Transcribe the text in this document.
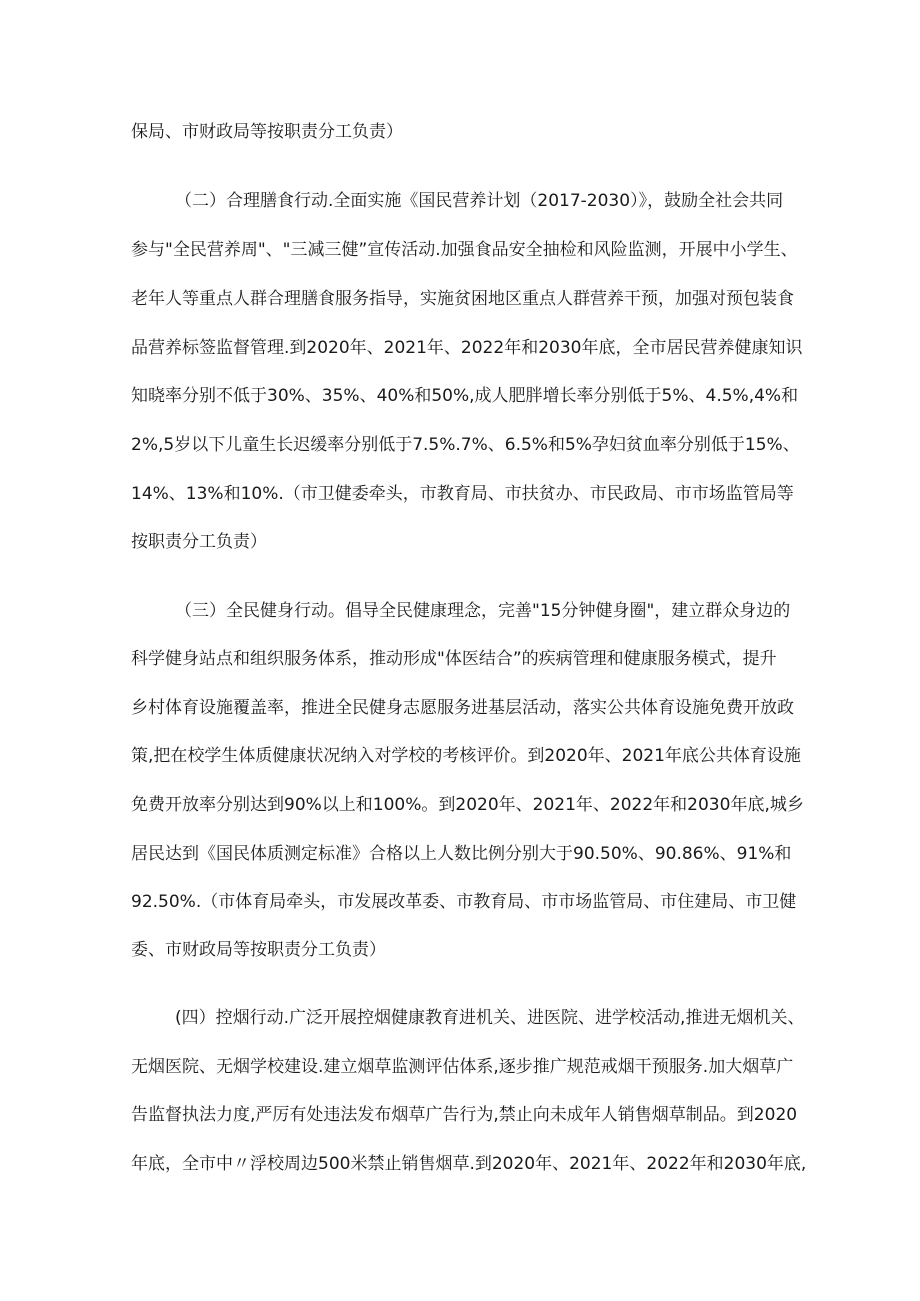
保局、市财政局等按职责分工负责）
（二）合理膳食行动.全面实施《国民营养计划（2017-2030）》，鼓励全社会共同
参与"全民营养周"、"三减三健”宣传活动.加强食品安全抽检和风险监测，开展中小学生、
老年人等重点人群合理膳食服务指导，实施贫困地区重点人群营养干预，加强对预包装食
品营养标签监督管理.到2020年、2021年、2022年和2030年底，全市居民营养健康知识
知晓率分别不低于30%、35%、40%和50%,成人肥胖增长率分别低于5%、4.5%,4%和
2%,5岁以下儿童生长迟缓率分别低于7.5%.7%、6.5%和5%孕妇贫血率分别低于15%、
14%、13%和10%.（市卫健委牵头，市教育局、市扶贫办、市民政局、市市场监管局等
按职责分工负责）
（三）全民健身行动。倡导全民健康理念，完善"15分钟健身圈"，建立群众身边的
科学健身站点和组织服务体系，推动形成"体医结合”的疾病管理和健康服务模式，提升
乡村体育设施覆盖率，推进全民健身志愿服务进基层活动，落实公共体育设施免费开放政
策,把在校学生体质健康状况纳入对学校的考核评价。到2020年、2021年底公共体育设施
免费开放率分别达到90%以上和100%。到2020年、2021年、2022年和2030年底,城乡
居民达到《国民体质测定标准》合格以上人数比例分别大于90.50%、90.86%、91%和
92.50%.（市体育局牵头，市发展改革委、市教育局、市市场监管局、市住建局、市卫健
委、市财政局等按职责分工负责）
(四）控烟行动.广泛开展控烟健康教育进机关、进医院、进学校活动,推进无烟机关、
无烟医院、无烟学校建设.建立烟草监测评估体系,逐步推广规范戒烟干预服务.加大烟草广
告监督执法力度,严厉有处违法发布烟草广告行为,禁止向未成年人销售烟草制品。到2020
年底，全市中〃浮校周边500米禁止销售烟草.到2020年、2021年、2022年和2030年底,
